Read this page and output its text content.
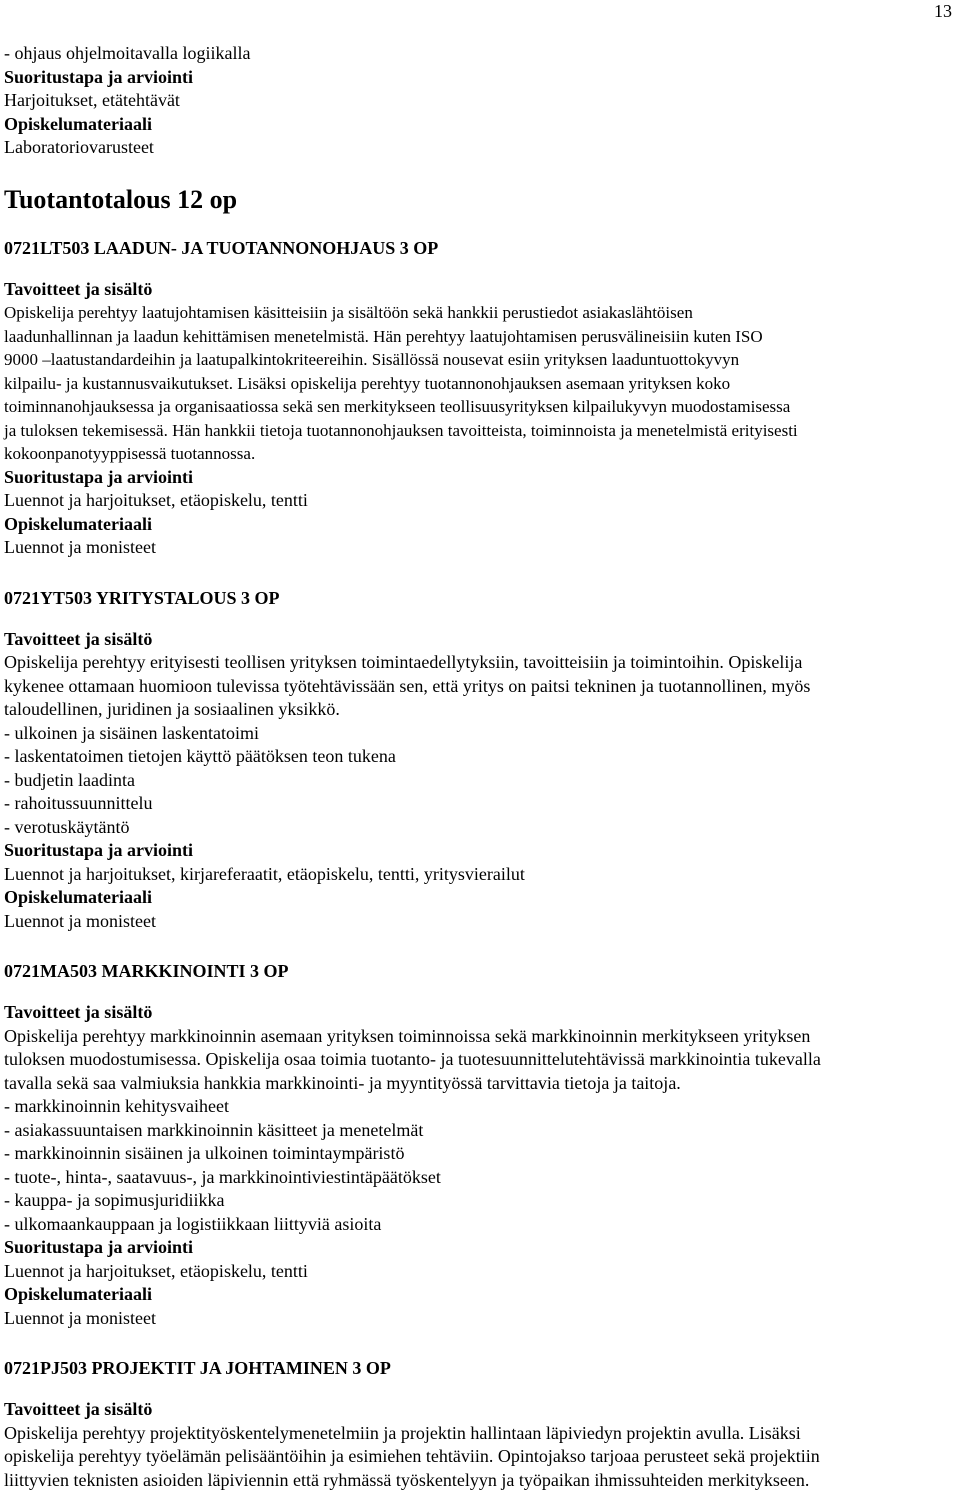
13
- ohjaus ohjelmoitavalla logiikalla
Suoritustapa ja arviointi
Harjoitukset, etätehtävät
Opiskelumateriaali
Laboratoriovarusteet
Tuotantotalous 12 op
0721LT503 LAADUN- JA TUOTANNONOHJAUS 3 OP
Tavoitteet ja sisältö
Opiskelija perehtyy laatujohtamisen käsitteisiin ja sisältöön sekä hankkii perustiedot asiakaslähtöisen
laadunhallinnan ja laadun kehittämisen menetelmistä. Hän perehtyy laatujohtamisen perusvälineisiin kuten ISO
9000 –laatustandardeihin ja laatupalkintokriteereihin. Sisällössä nousevat esiin yrityksen laaduntuottokyvyn
kilpailu- ja kustannusvaikutukset. Lisäksi opiskelija perehtyy tuotannonohjauksen asemaan yrityksen koko
toiminnanohjauksessa ja organisaatiossa sekä sen merkitykseen teollisuusyrityksen kilpailukyvyn muodostamisessa
ja tuloksen tekemisessä. Hän hankkii tietoja tuotannonohjauksen tavoitteista, toiminnoista ja menetelmistä erityisesti
kokoonpanotyyppisessä tuotannossa.
Suoritustapa ja arviointi
Luennot ja harjoitukset, etäopiskelu, tentti
Opiskelumateriaali
Luennot ja monisteet
0721YT503 YRITYSTALOUS 3 OP
Tavoitteet ja sisältö
Opiskelija perehtyy erityisesti teollisen yrityksen toimintaedellytyksiin, tavoitteisiin ja toimintoihin. Opiskelija
kykenee ottamaan huomioon tulevissa työtehtävissään sen, että yritys on paitsi tekninen ja tuotannollinen, myös
taloudellinen, juridinen ja sosiaalinen yksikkö.
- ulkoinen ja sisäinen laskentatoimi
- laskentatoimen tietojen käyttö päätöksen teon tukena
- budjetin laadinta
- rahoitussuunnittelu
- verotuskäytäntö
Suoritustapa ja arviointi
Luennot ja harjoitukset, kirjareferaatit, etäopiskelu, tentti, yritysvierailut
Opiskelumateriaali
Luennot ja monisteet
0721MA503 MARKKINOINTI 3 OP
Tavoitteet ja sisältö
Opiskelija perehtyy markkinoinnin asemaan yrityksen toiminnoissa sekä markkinoinnin merkitykseen yrityksen
tuloksen muodostumisessa. Opiskelija osaa toimia tuotanto- ja tuotesuunnittelutehtävissä markkinointia tukevalla
tavalla sekä saa valmiuksia hankkia markkinointi- ja myyntityössä tarvittavia tietoja ja taitoja.
- markkinoinnin kehitysvaiheet
- asiakassuuntaisen markkinoinnin käsitteet ja menetelmät
- markkinoinnin sisäinen ja ulkoinen toimintaympäristö
- tuote-, hinta-, saatavuus-, ja markkinointiviestintäpäätökset
- kauppa- ja sopimusjuridiikka
- ulkomaankauppaan ja logistiikkaan liittyviä asioita
Suoritustapa ja arviointi
Luennot ja harjoitukset, etäopiskelu, tentti
Opiskelumateriaali
Luennot ja monisteet
0721PJ503 PROJEKTIT JA JOHTAMINEN 3 OP
Tavoitteet ja sisältö
Opiskelija perehtyy projektityöskentelymenetelmiin ja projektin hallintaan läpiviedyn projektin avulla. Lisäksi
opiskelija perehtyy työelämän pelisääntöihin ja esimiehen tehtäviin. Opintojakso tarjoaa perusteet sekä projektiin
liittyvien teknisten asioiden läpiviennin että ryhmässä työskentelyyn ja työpaikan ihmissuhteiden merkitykseen.
